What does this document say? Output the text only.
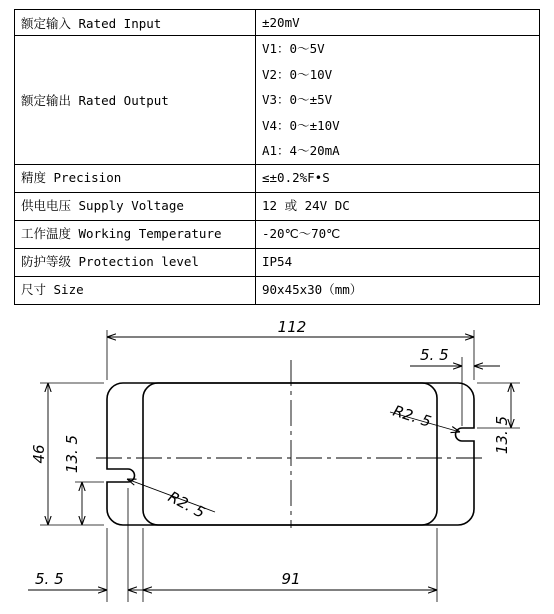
额定输入 Rated Input	±20mV
额定输出 Rated Output	V1：0～5V
V2：0～10V
V3：0～±5V
V4：0～±10V
A1：4～20mA

精度 Precision	≤±0.2%F•S
供电电压 Supply Voltage	12 或 24V DC
工作温度 Working Temperature	-20℃～70℃
防护等级 Protection level	IP54
尺寸 Size	90x45x30（mm）
112
5. 5
46 13. 5	13. 5
R2. 5
R2. 5
5. 5	91
